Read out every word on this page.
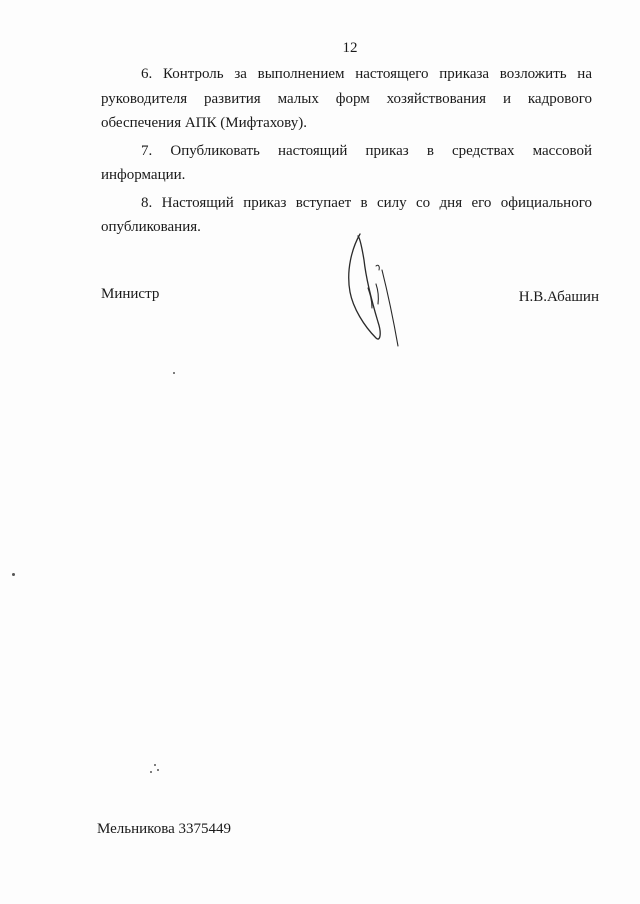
12

6. Контроль за выполнением настоящего приказа возложить на руководителя развития малых форм хозяйствования и кадрового обеспечения АПК (Мифтахову).

7. Опубликовать настоящий приказ в средствах массовой информации.

8. Настоящий приказ вступает в силу со дня его официального опубликования.

Министр	Н.В.Абашин
Мельникова 3375449
